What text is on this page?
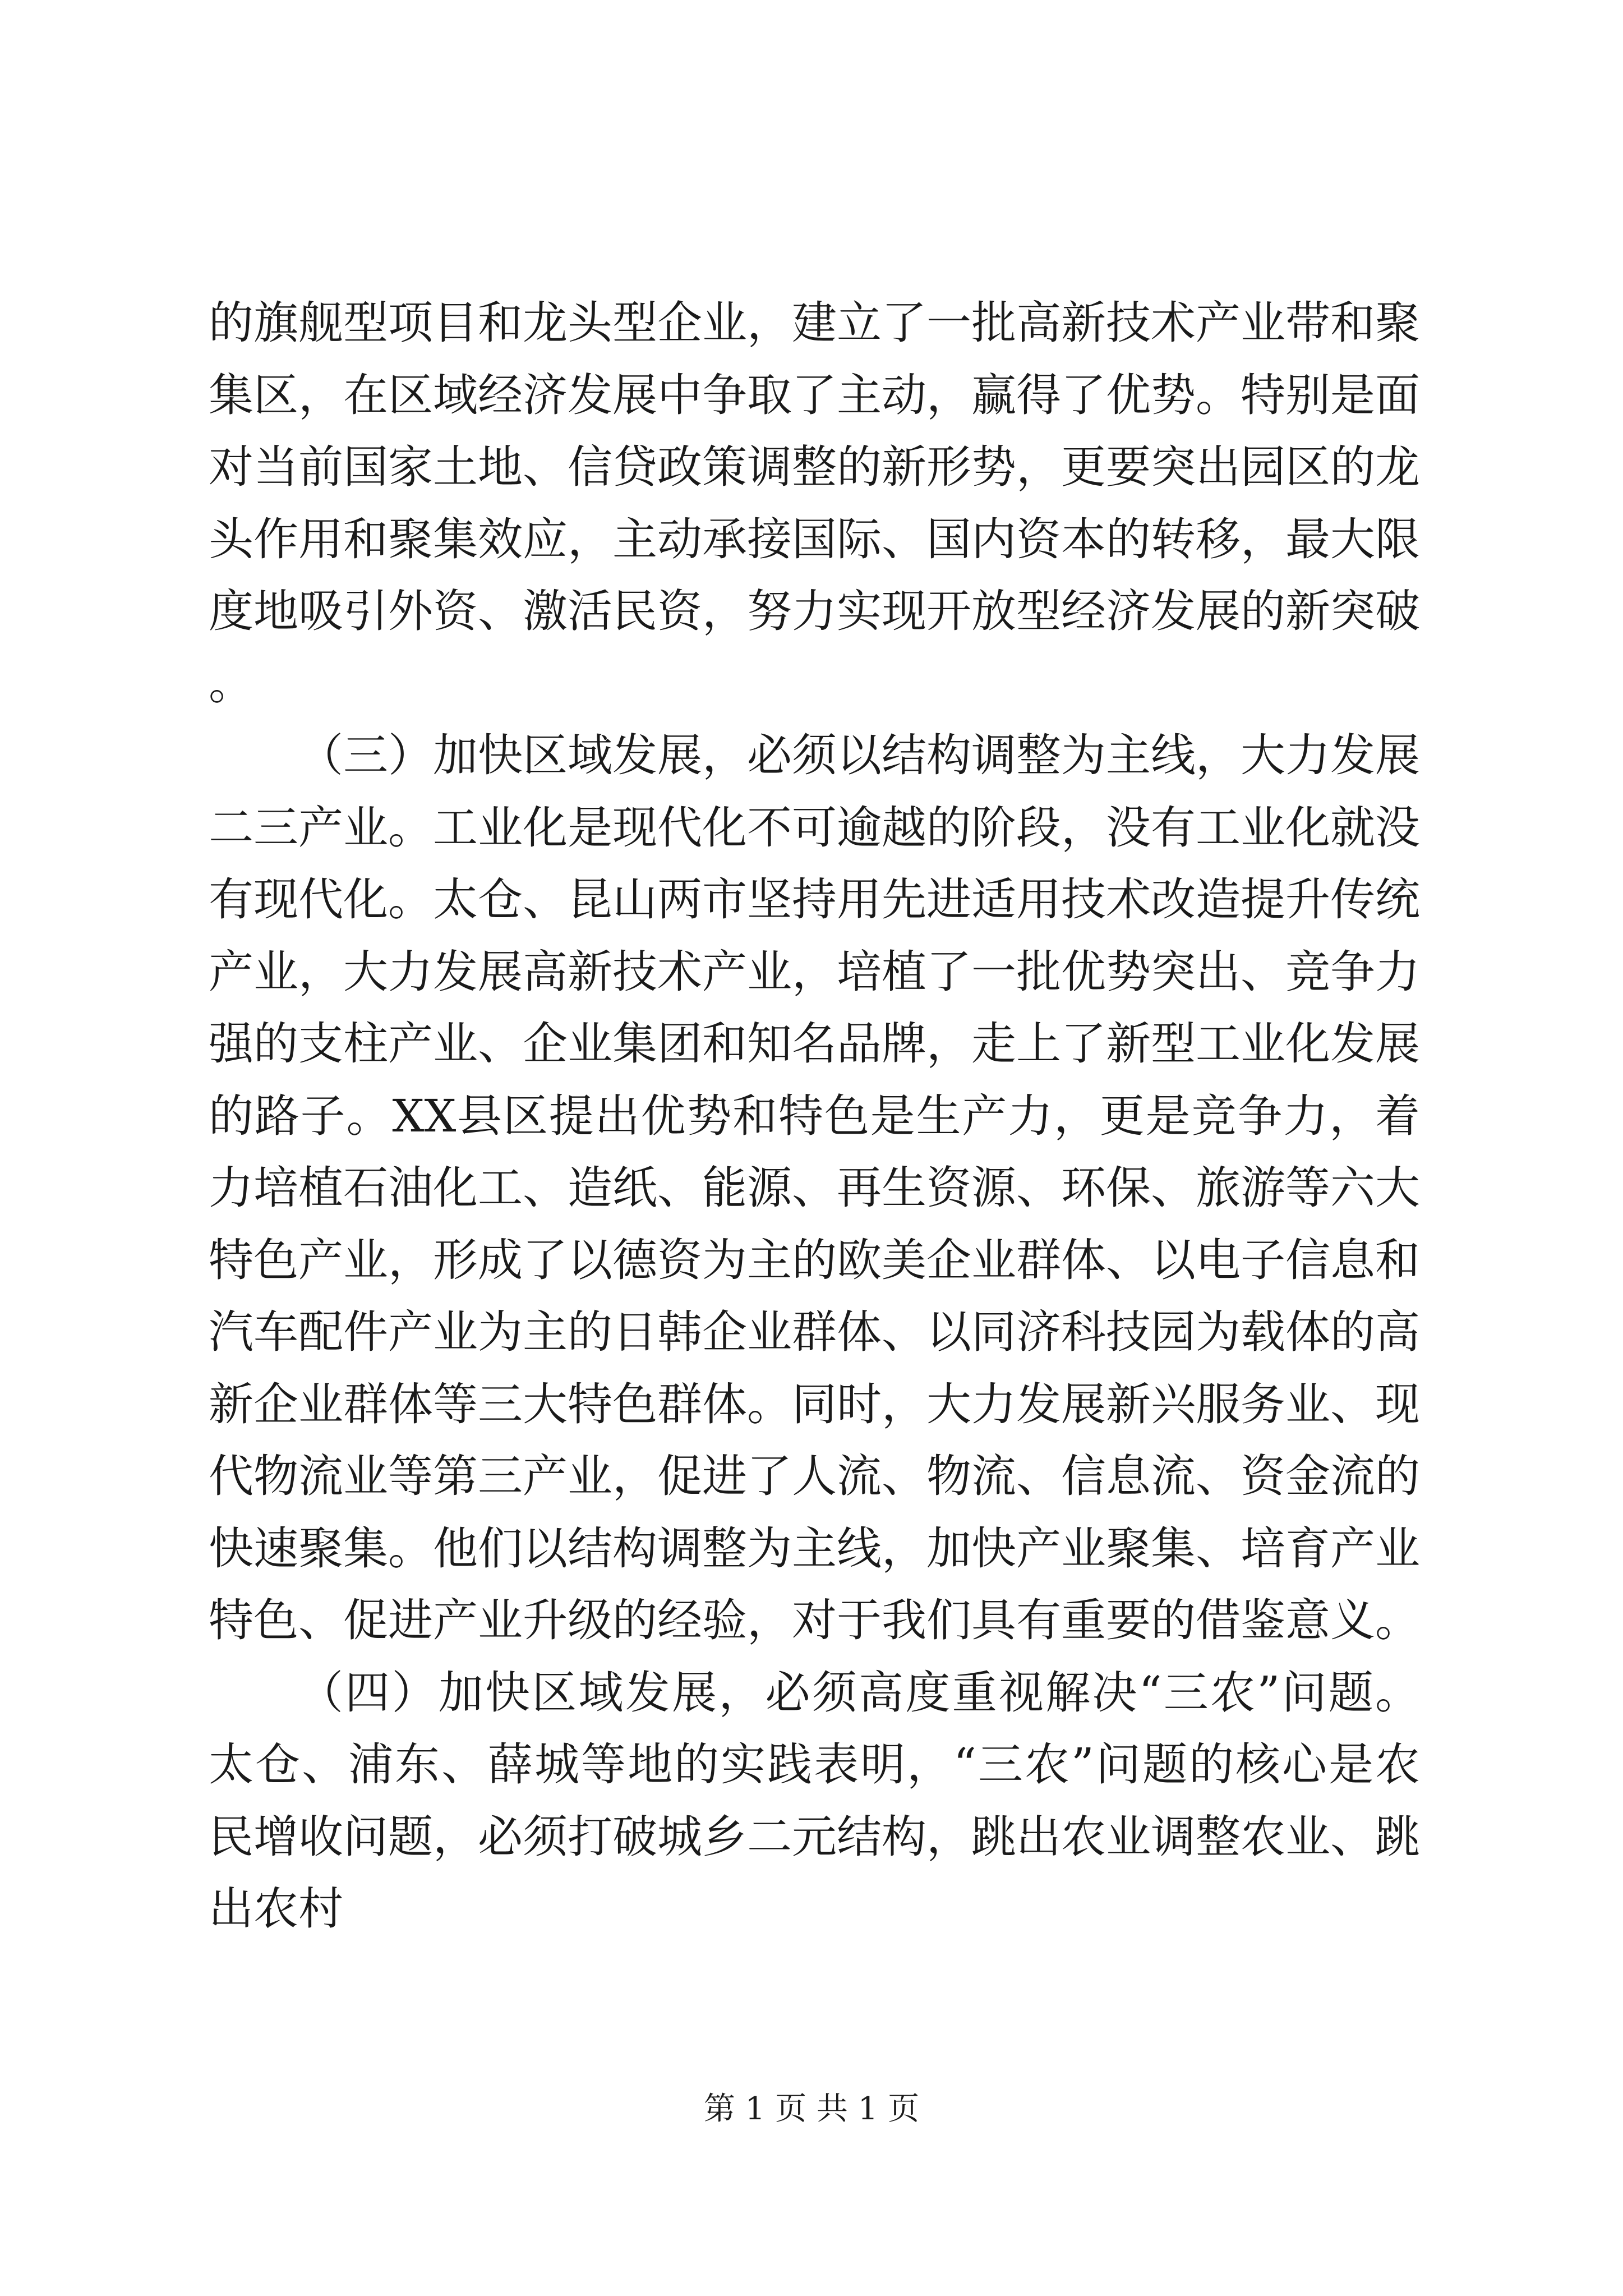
的旗舰型项目和龙头型企业，建立了一批高新技术产业带和聚集区，在区域经济发展中争取了主动，赢得了优势。特别是面对当前国家土地、信贷政策调整的新形势，更要突出园区的龙头作用和聚集效应，主动承接国际、国内资本的转移，最大限度地吸引外资、激活民资，努力实现开放型经济发展的新突破。

（三）加快区域发展，必须以结构调整为主线，大力发展二三产业。工业化是现代化不可逾越的阶段，没有工业化就没有现代化。太仓、昆山两市坚持用先进适用技术改造提升传统产业，大力发展高新技术产业，培植了一批优势突出、竞争力强的支柱产业、企业集团和知名品牌，走上了新型工业化发展的路子。XX县区提出优势和特色是生产力，更是竞争力，着力培植石油化工、造纸、能源、再生资源、环保、旅游等六大特色产业，形成了以德资为主的欧美企业群体、以电子信息和汽车配件产业为主的日韩企业群体、以同济科技园为载体的高新企业群体等三大特色群体。同时，大力发展新兴服务业、现代物流业等第三产业，促进了人流、物流、信息流、资金流的快速聚集。他们以结构调整为主线，加快产业聚集、培育产业特色、促进产业升级的经验，对于我们具有重要的借鉴意义。

（四）加快区域发展，必须高度重视解决“三农”问题。太仓、浦东、薛城等地的实践表明，“三农”问题的核心是农民增收问题，必须打破城乡二元结构，跳出农业调整农业、跳出农村

第 1 页 共 1 页
